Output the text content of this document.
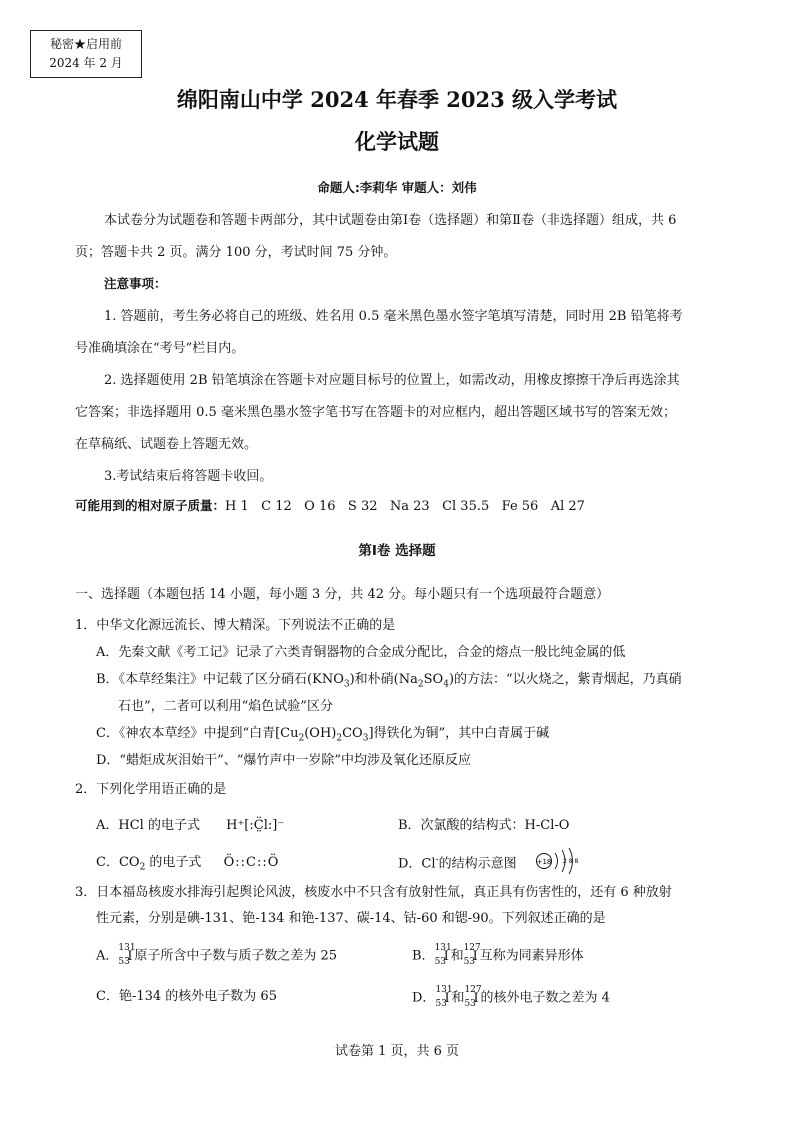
秘密★启用前
2024 年 2 月
绵阳南山中学 2024 年春季 2023 级入学考试
化学试题
命题人:李莉华 审题人：刘伟
本试卷分为试题卷和答题卡两部分，其中试题卷由第Ⅰ卷（选择题）和第Ⅱ卷（非选择题）组成，共 6
页；答题卡共 2 页。满分 100 分，考试时间 75 分钟。
注意事项：
1. 答题前，考生务必将自己的班级、姓名用 0.5 毫米黑色墨水签字笔填写清楚，同时用 2B 铅笔将考
号准确填涂在“考号”栏目内。
2. 选择题使用 2B 铅笔填涂在答题卡对应题目标号的位置上，如需改动，用橡皮擦擦干净后再选涂其
它答案；非选择题用 0.5 毫米黑色墨水签字笔书写在答题卡的对应框内，超出答题区域书写的答案无效；
在草稿纸、试题卷上答题无效。
3.考试结束后将答题卡收回。
可能用到的相对原子质量：H 1   C 12   O 16   S 32   Na 23   Cl 35.5   Fe 56   Al 27
第Ⅰ卷 选择题
一、选择题（本题包括 14 小题，每小题 3 分，共 42 分。每小题只有一个选项最符合题意）
1．中华文化源远流长、博大精深。下列说法不正确的是
A．先秦文献《考工记》记录了六类青铜器物的合金成分配比，合金的熔点一般比纯金属的低
B．《本草经集注》中记载了区分硝石$(KNO_3)$和朴硝$(Na_2SO_4)$的方法：“以火烧之，紫青烟起，乃真硝
石也”，二者可以利用“焰色试验”区分
C．《神农本草经》中提到“白青$[Cu_2(OH)_2CO_3]$得铁化为铜”，其中白青属于碱
D．“蜡炬成灰泪始干”、“爆竹声中一岁除”中均涉及氧化还原反应
2．下列化学用语正确的是
A．HCl 的电子式 H⁺[:C̤̈l:]⁻	B．次氯酸的结构式：H-Cl-O
C．$CO_2$ 的电子式 Ö::C::Ö	D．Cl-的结构示意图	+18 2 8 8
3．日本福岛核废水排海引起舆论风波，核废水中不只含有放射性氚，真正具有伤害性的，还有 6 种放射
性元素，分别是碘-131、铯-134 和铯-137、碳-14、钴-60 和锶-90。下列叙述正确的是
A．
131
53
I 原子所含中子数与质子数之差为 25	B．
131
53
I 和
127
53
I 互称为同素异形体
C．铯-134 的核外电子数为 65	D．
131
53
I 和
127
53
I 的核外电子数之差为 4
试卷第 1 页，共 6 页
